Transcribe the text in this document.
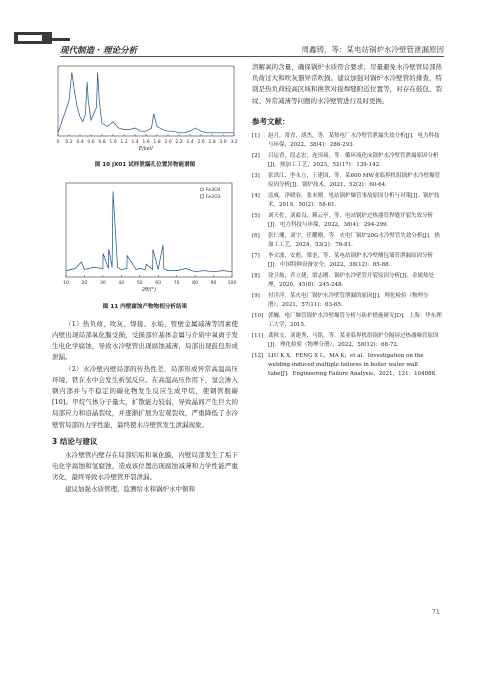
现代制造 · 理论分析	周鑫铸，等：某电站锅炉水冷壁管泄漏原因
0 0.2 0.4 0.6 0.8 1.0 1.2 1.4 1.6 1.8 2.0 2.2 2.4 2.6 2.8 3.0 3.2
E/keV
图 10 JX01 试样泄漏孔位置异物能谱图
10	20	30	40	50	60	70	80	90 100
2θ/(°)
Fe3O4
Fe2O3
图 11 内壁腐蚀产物物相分析结果

（1）热负荷、吹灰、焊接、水垢、管壁金属减薄等因素使内壁出现局部氧化膜受损，受损部位基体金属与介质中氧离子发生电化学腐蚀，导致水冷壁管出现腐蚀减薄，局部出现鼓包形成泄漏。

（2）水冷壁内壁局部的传热性差，局部形成异常高温高压环境，铁在水中会发生析氢反应。在高温高压作用下，氢会渗入钢内部并与不稳定的碳化物发生反应生成甲烷，使钢管脱碳[10]。甲烷气体分子量大，扩散能力较弱，导致晶间产生巨大的局部应力和沿晶裂纹，并逐渐扩展为宏观裂纹，严重降低了水冷壁管局部的力学性能，最终使水冷壁管发生泄漏现象。

3 结论与建议

水冷壁管内壁存在局部结垢和氧化膜，内壁局部发生了垢下电化学腐蚀和氢腐蚀，造成该位置出现腐蚀减薄和力学性能严重劣化，最终导致水冷壁管开裂泄漏。

建议加强水质管理，监测给水和锅炉水中铜和

溶解氧的含量，确保锅炉水质符合要求；尽量避免水冷壁管局部热负荷过大和吹灰器异常吹损。建议加强对锅炉水冷壁管的排查，特别是热负荷较高区域和换管对接焊缝附近位置等，对存在鼓包、裂纹、异常减薄等问题的水冷壁管进行及时更换。

参考文献：
[1]	赵月，常青，胡杰，等．某热电厂水冷壁管泄漏失效分析[J]．电力科技与环保，2022，38(4)：286-293.
[2]	吕运香，段志宏，连玮琦，等．循环流化床锅炉水冷壁管泄漏原因分析[J]．热加工工艺，2023，52(17)：139-142.
[3]	张洪江，李永立，王建国，等．某600 MW亚临界机组锅炉水冷壁爆管原因分析[J]．锅炉技术，2021，52(2)：60-64.
[4]	寇威，净晓春，张未刚．电站锅炉爆管事故原因分析与对策[J]．锅炉技术，2019，50(2)：58-61.
[5]	刘天佐，刘毅良，赖云亭，等．电站锅炉过热器管焊缝开裂失效分析[J]．电力科技与环保，2022，38(4)：294-299.
[6]	张仁珊，刘宇，任耀刚，等．火电厂锅炉20G水冷壁管失效分析[J]．热加工工艺，2024，53(2)：78-81.
[7]	李文波，安彪，梁奎，等．某电站锅炉水冷壁侧包墙管泄漏原因分析[J]．中国特种设备安全，2022，38(12)：85-88.
[8]	徐卫灿，乔立捷，梁志刚．锅炉水冷壁管开裂原因分析[J]．金属热处理，2020，45(8)：245-248.
[9]	付洋洋．某火电厂锅炉水冷壁管泄漏的原因[J]．理化检验（物理分册），2021，57(11)：63-65.
[10] 郭巍．电厂爆管锅炉水冷壁爆管分析与防护措施研究[D]．上海：华东理工大学，2015.
[11] 龚秋文，刘建秀，马铭，等．某亚临界机组锅炉分隔屏过热器爆管原因[J]．理化检验（物理分册），2022，58(12)：68-72.
[12] LIU K X，FENG X L，MA K，et al．Investigation on the welding-induced multiple failures in boiler water wall tube[J]．Engineering Failure Analysis，2021，121：104888.
71
